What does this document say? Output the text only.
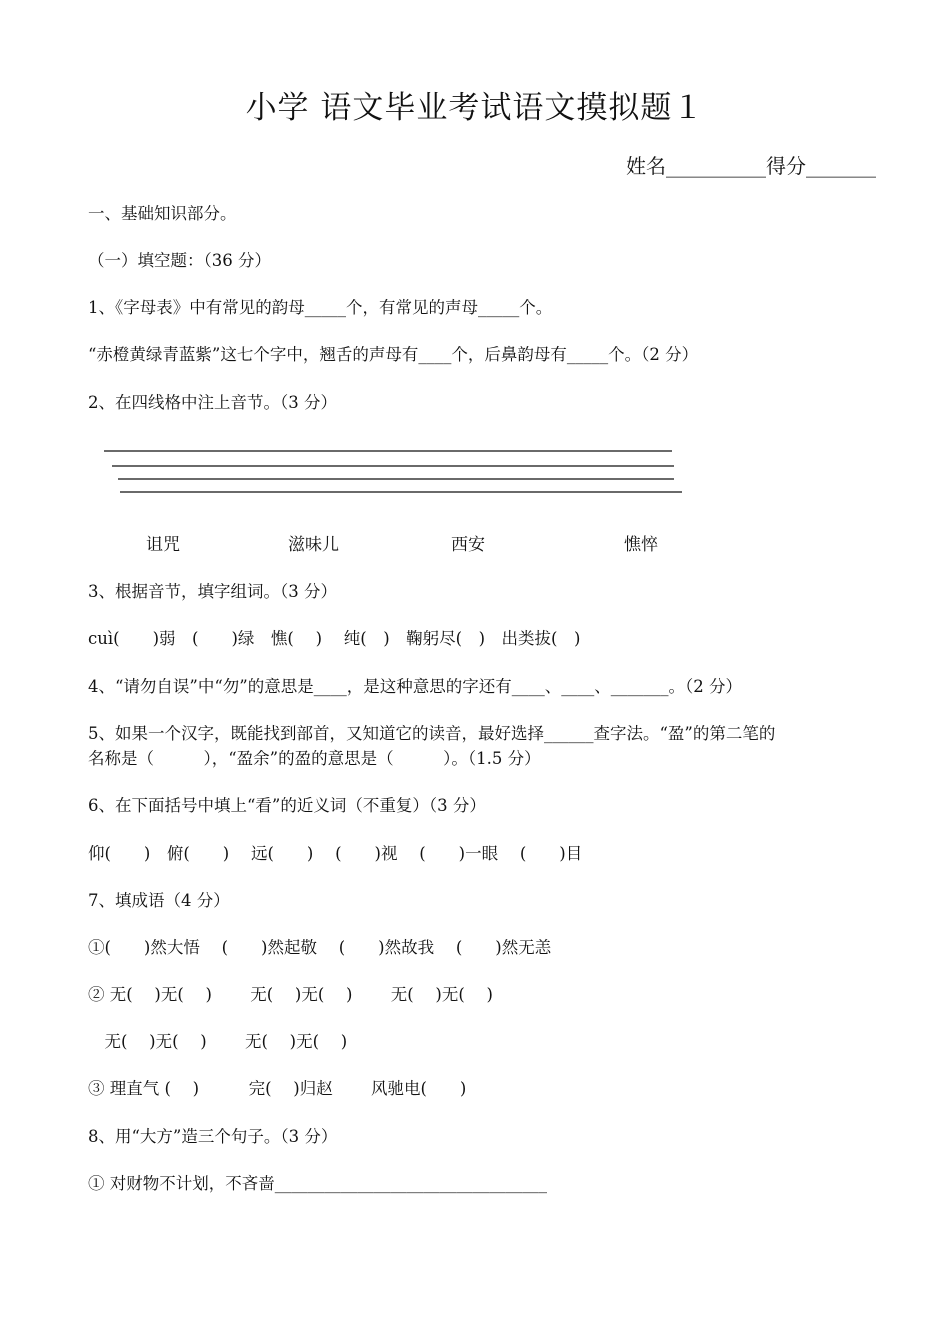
小学 语文毕业考试语文摸拟题１
姓名__________得分_______
一、基础知识部分。
（一）填空题：（36 分）
1、《字母表》中有常见的韵母_____个，有常见的声母_____个。
“赤橙黄绿青蓝紫”这七个字中，翘舌的声母有____个，后鼻韵母有_____个。（2 分）
2、在四线格中注上音节。（3 分）
诅咒	滋味儿	西安	憔悴
3、根据音节，填字组词。（3 分）
cuì(　　)弱　(　　)绿　憔(　 )　 纯(　)　鞠躬尽(　)　出类拔(　)
4、“请勿自误”中“勿”的意思是____，是这种意思的字还有____、____、_______。（2 分）
5、如果一个汉字，既能找到部首，又知道它的读音，最好选择______查字法。“盈”的第二笔的
名称是（　　　），“盈余”的盈的意思是（　　　）。（1.5 分）
6、在下面括号中填上“看”的近义词（不重复）（3 分）
仰(　　)　俯(　　)　 远(　　)　 (　　)视　 (　　)一眼　 (　　)目
7、填成语（4 分）
①(　　)然大悟　 (　　)然起敬　 (　　)然故我　 (　　)然无恙
② 无(　 )无(　 )　　 无(　 )无(　 )　　 无(　 )无(　 )
　无(　 )无(　 )　　 无(　 )无(　 )
③ 理直气 (　 )　　　完(　 )归赵　　 风驰电(　　)
8、用“大方”造三个句子。（3 分）
① 对财物不计划，不吝啬_________________________________
